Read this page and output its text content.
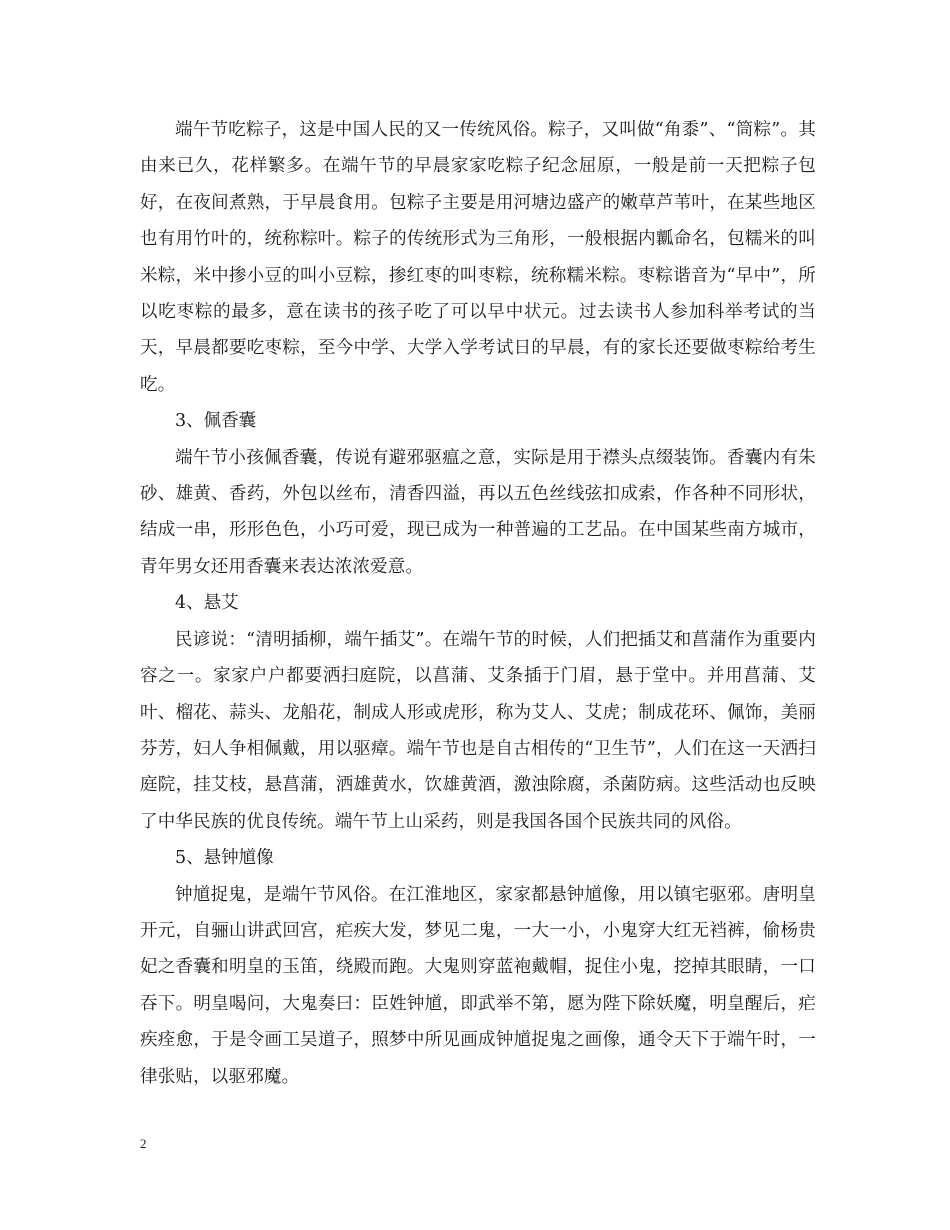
端午节吃粽子，这是中国人民的又一传统风俗。粽子，又叫做“角黍”、“筒粽”。其由来已久，花样繁多。在端午节的早晨家家吃粽子纪念屈原，一般是前一天把粽子包好，在夜间煮熟，于早晨食用。包粽子主要是用河塘边盛产的嫩草芦苇叶，在某些地区也有用竹叶的，统称粽叶。粽子的传统形式为三角形，一般根据内瓤命名，包糯米的叫米粽，米中掺小豆的叫小豆粽，掺红枣的叫枣粽，统称糯米粽。枣粽谐音为“早中”，所以吃枣粽的最多，意在读书的孩子吃了可以早中状元。过去读书人参加科举考试的当天，早晨都要吃枣粽，至今中学、大学入学考试日的早晨，有的家长还要做枣粽给考生吃。

3、佩香囊

端午节小孩佩香囊，传说有避邪驱瘟之意，实际是用于襟头点缀装饰。香囊内有朱砂、雄黄、香药，外包以丝布，清香四溢，再以五色丝线弦扣成索，作各种不同形状，结成一串，形形色色，小巧可爱，现已成为一种普遍的工艺品。在中国某些南方城市，青年男女还用香囊来表达浓浓爱意。

4、悬艾

民谚说：“清明插柳，端午插艾”。在端午节的时候，人们把插艾和菖蒲作为重要内容之一。家家户户都要洒扫庭院，以菖蒲、艾条插于门眉，悬于堂中。并用菖蒲、艾叶、榴花、蒜头、龙船花，制成人形或虎形，称为艾人、艾虎；制成花环、佩饰，美丽芬芳，妇人争相佩戴，用以驱瘴。端午节也是自古相传的“卫生节”，人们在这一天洒扫庭院，挂艾枝，悬菖蒲，洒雄黄水，饮雄黄酒，激浊除腐，杀菌防病。这些活动也反映了中华民族的优良传统。端午节上山采药，则是我国各国个民族共同的风俗。

5、悬钟馗像

钟馗捉鬼，是端午节风俗。在江淮地区，家家都悬钟馗像，用以镇宅驱邪。唐明皇开元，自骊山讲武回宫，疟疾大发，梦见二鬼，一大一小，小鬼穿大红无裆裤，偷杨贵妃之香囊和明皇的玉笛，绕殿而跑。大鬼则穿蓝袍戴帽，捉住小鬼，挖掉其眼睛，一口吞下。明皇喝问，大鬼奏曰：臣姓钟馗，即武举不第，愿为陛下除妖魔，明皇醒后，疟疾痊愈，于是令画工吴道子，照梦中所见画成钟馗捉鬼之画像，通令天下于端午时，一律张贴，以驱邪魔。

2
